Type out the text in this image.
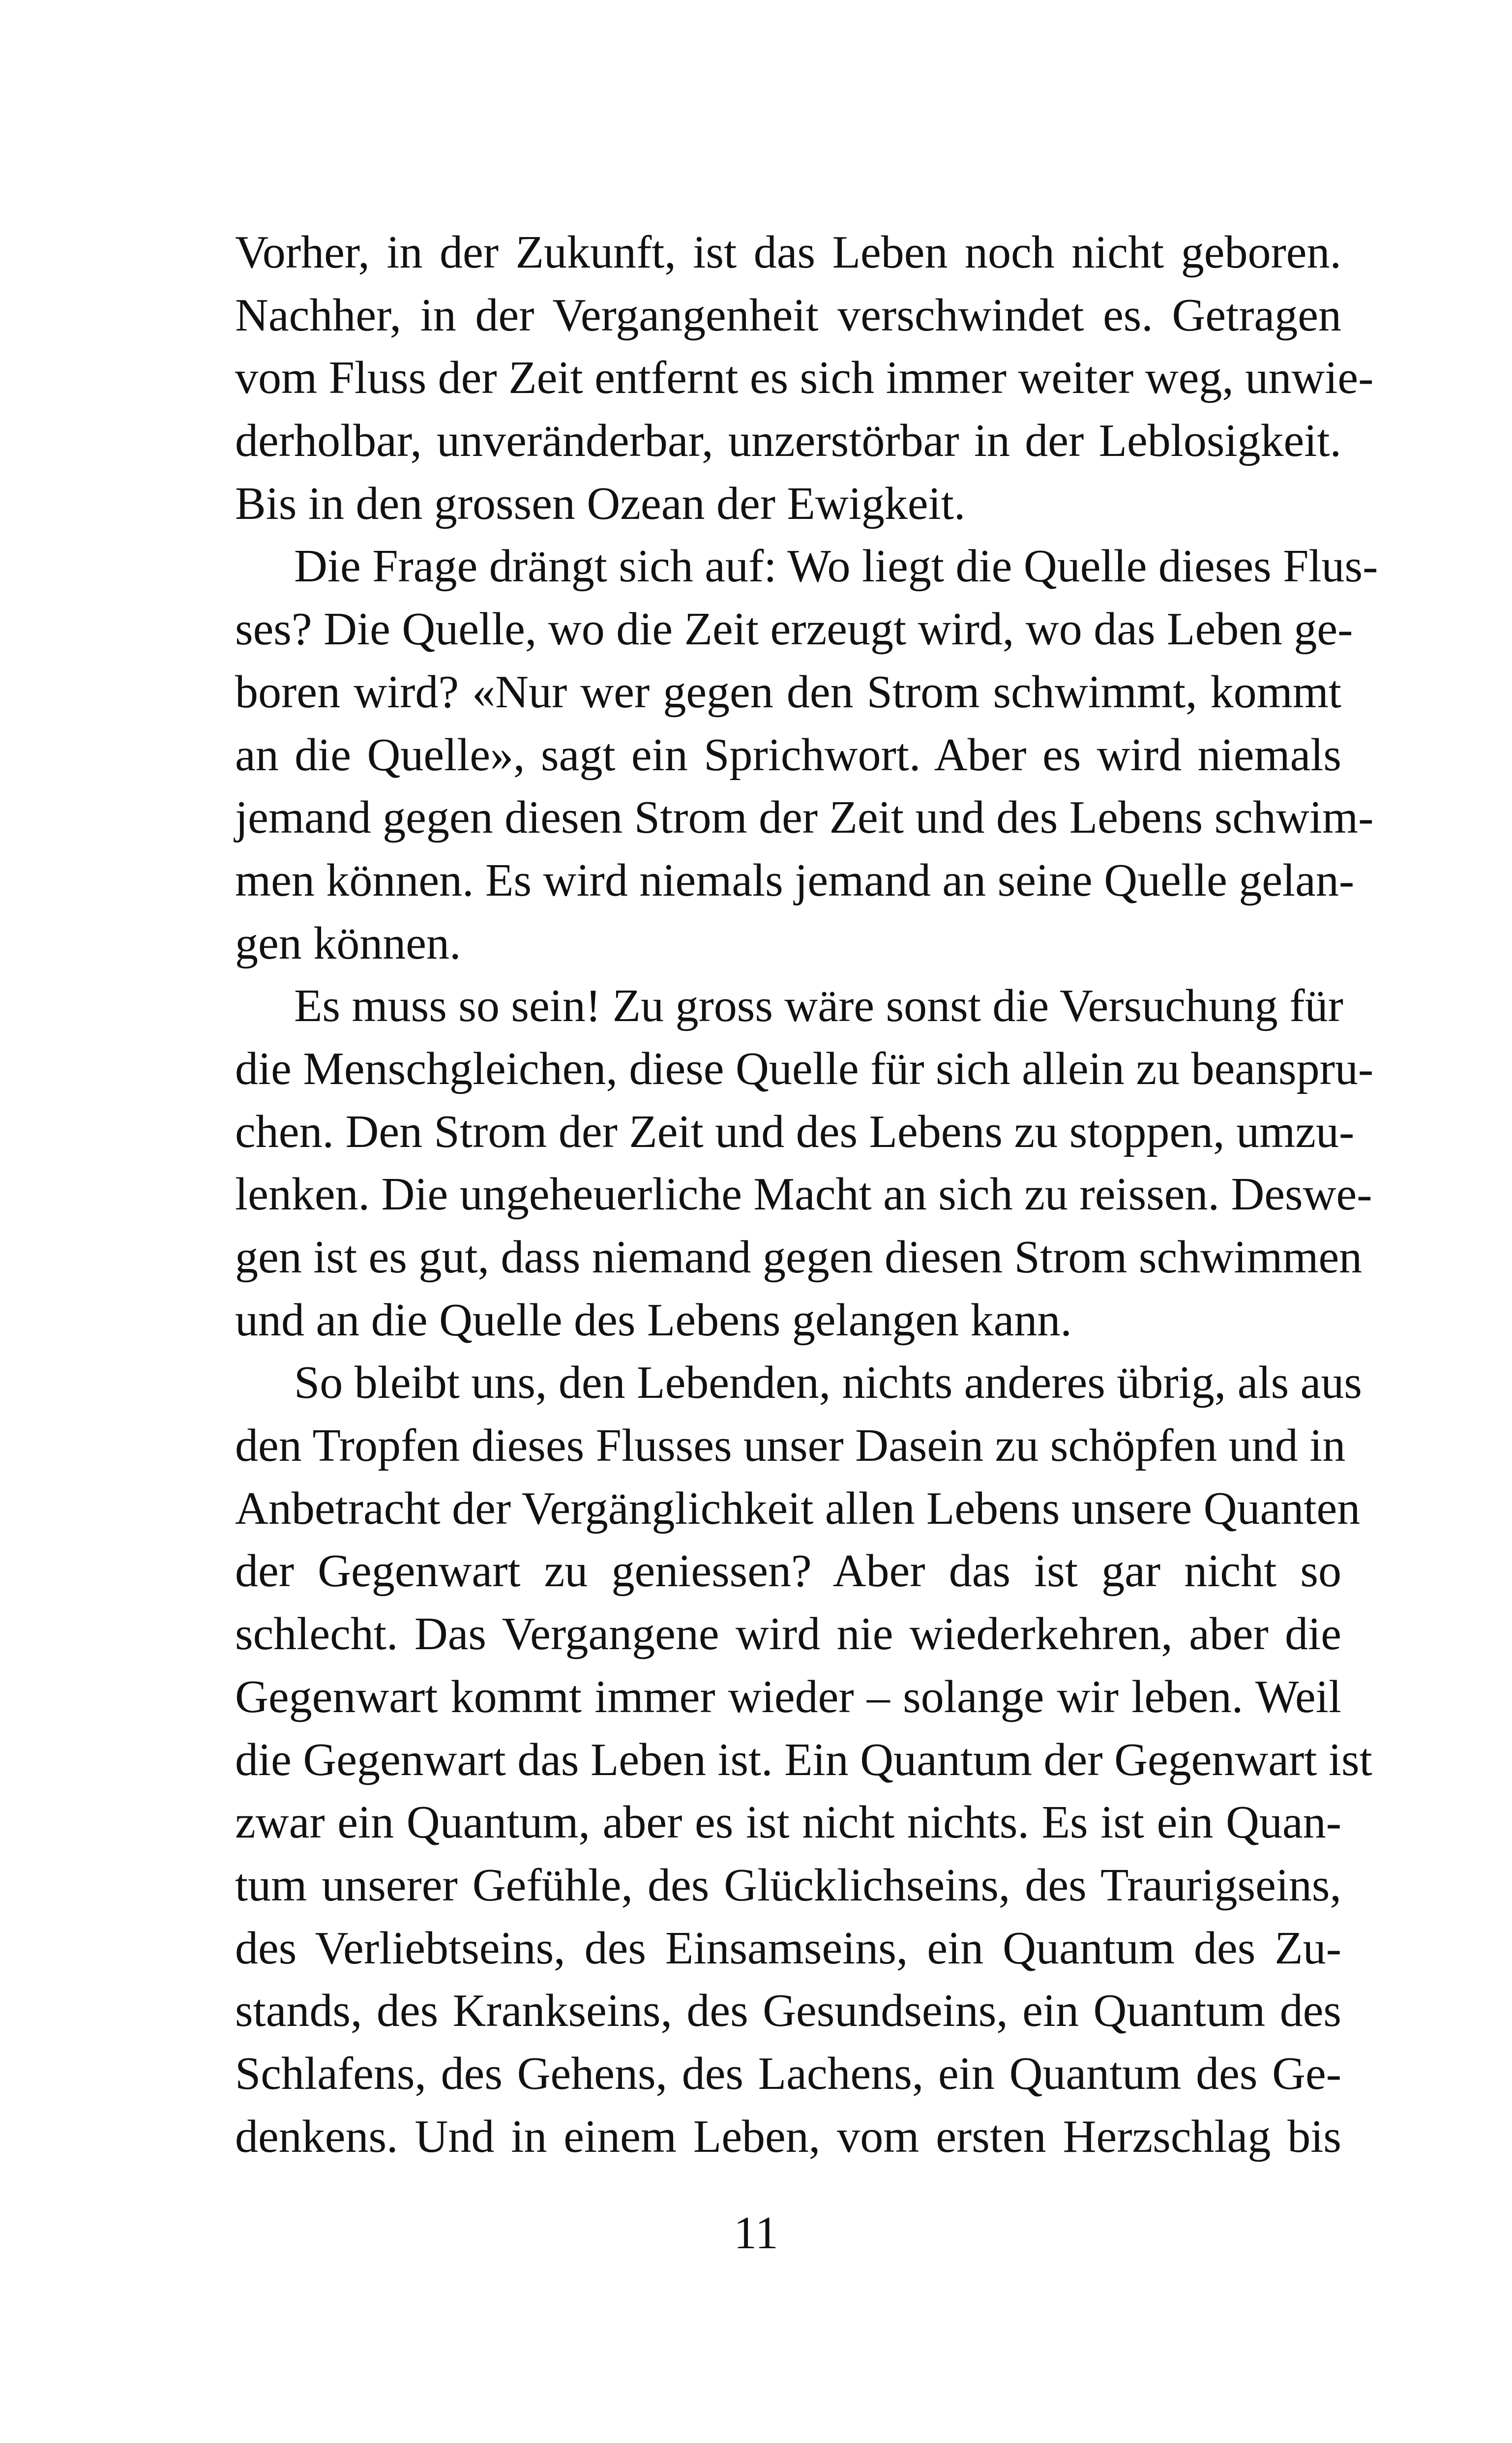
Vorher, in der Zukunft, ist das Leben noch nicht geboren.
Nachher, in der Vergangenheit verschwindet es. Getragen
vom Fluss der Zeit entfernt es sich immer weiter weg, unwie-
derholbar, unveränderbar, unzerstörbar in der Leblosigkeit.
Bis in den grossen Ozean der Ewigkeit.
Die Frage drängt sich auf: Wo liegt die Quelle dieses Flus-
ses? Die Quelle, wo die Zeit erzeugt wird, wo das Leben ge-
boren wird? «Nur wer gegen den Strom schwimmt, kommt
an die Quelle», sagt ein Sprichwort. Aber es wird niemals
jemand gegen diesen Strom der Zeit und des Lebens schwim-
men können. Es wird niemals jemand an seine Quelle gelan-
gen können.
Es muss so sein! Zu gross wäre sonst die Versuchung für
die Menschgleichen, diese Quelle für sich allein zu beanspru-
chen. Den Strom der Zeit und des Lebens zu stoppen, umzu-
lenken. Die ungeheuerliche Macht an sich zu reissen. Deswe-
gen ist es gut, dass niemand gegen diesen Strom schwimmen
und an die Quelle des Lebens gelangen kann.
So bleibt uns, den Lebenden, nichts anderes übrig, als aus
den Tropfen dieses Flusses unser Dasein zu schöpfen und in
Anbetracht der Vergänglichkeit allen Lebens unsere Quanten
der Gegenwart zu geniessen? Aber das ist gar nicht so
schlecht. Das Vergangene wird nie wiederkehren, aber die
Gegenwart kommt immer wieder – solange wir leben. Weil
die Gegenwart das Leben ist. Ein Quantum der Gegenwart ist
zwar ein Quantum, aber es ist nicht nichts. Es ist ein Quan-
tum unserer Gefühle, des Glücklichseins, des Traurigseins,
des Verliebtseins, des Einsamseins, ein Quantum des Zu-
stands, des Krankseins, des Gesundseins, ein Quantum des
Schlafens, des Gehens, des Lachens, ein Quantum des Ge-
denkens. Und in einem Leben, vom ersten Herzschlag bis
11
